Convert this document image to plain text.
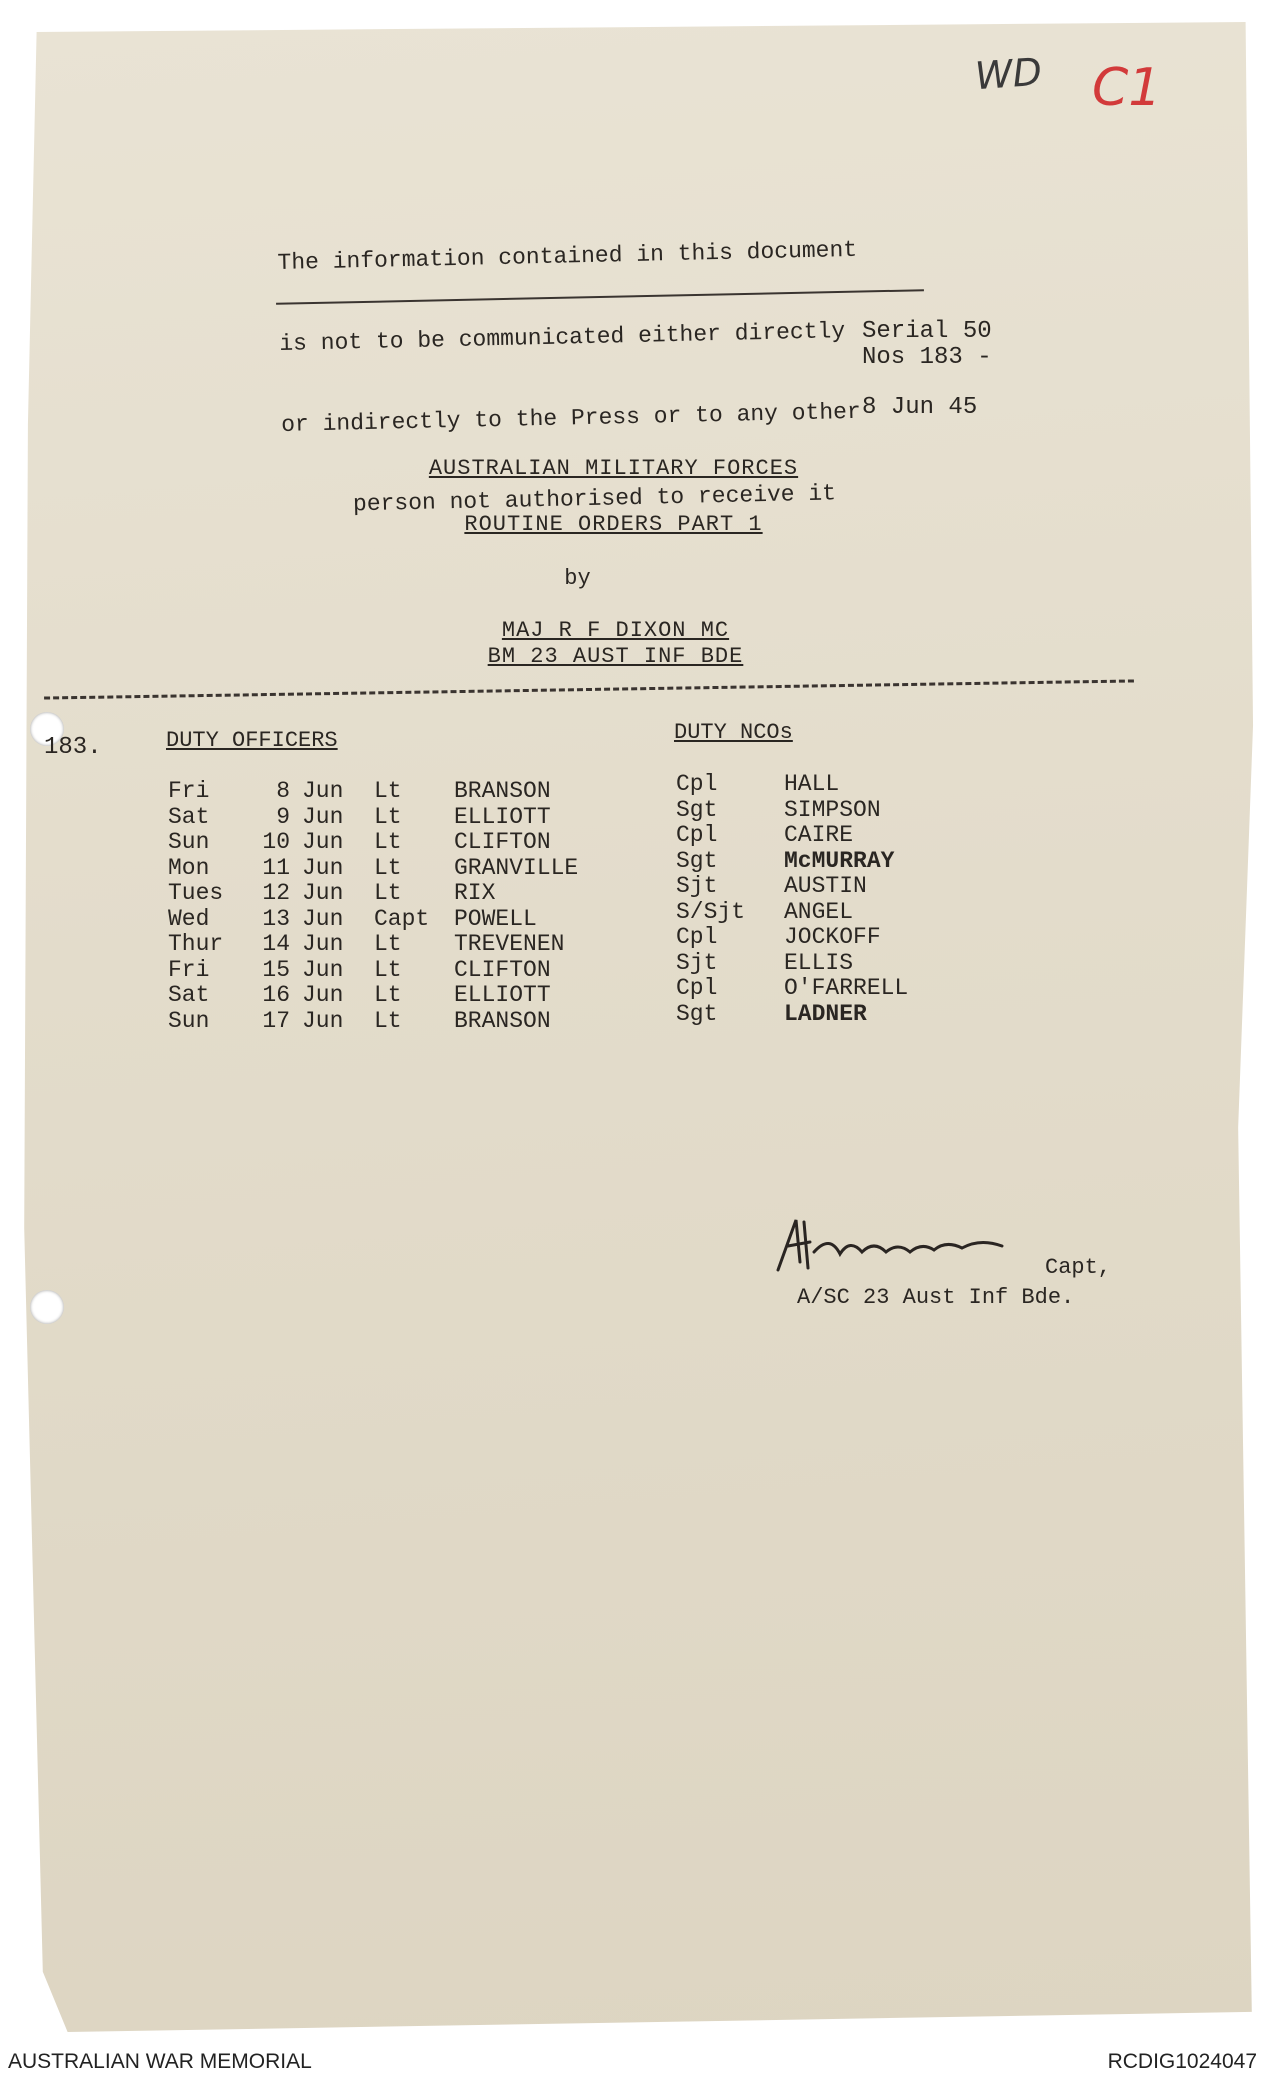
WD C1

The information contained in this document

is not to be communicated either directly

or indirectly to the Press or to any other

person not authorised to receive it

Serial 50
Nos 183 -
8 Jun 45
AUSTRALIAN MILITARY FORCES
ROUTINE ORDERS PART 1
by
MAJ R F DIXON MC
BM 23 AUST INF BDE
183.	DUTY OFFICERS	DUTY NCOs
Fri	8	Jun	Lt	BRANSON
Sat	9	Jun	Lt	ELLIOTT
Sun	10	Jun	Lt	CLIFTON
Mon	11	Jun	Lt	GRANVILLE
Tues	12	Jun	Lt	RIX
Wed	13	Jun	Capt	POWELL
Thur	14	Jun	Lt	TREVENEN
Fri	15	Jun	Lt	CLIFTON
Sat	16	Jun	Lt	ELLIOTT
Sun	17	Jun	Lt	BRANSON
Cpl	HALL
Sgt	SIMPSON
Cpl	CAIRE
Sgt	McMURRAY
Sjt	AUSTIN
S/Sjt	ANGEL
Cpl	JOCKOFF
Sjt	ELLIS
Cpl	O'FARRELL
Sgt	LADNER
Capt,
A/SC 23 Aust Inf Bde.
AUSTRALIAN WAR MEMORIAL	RCDIG1024047
